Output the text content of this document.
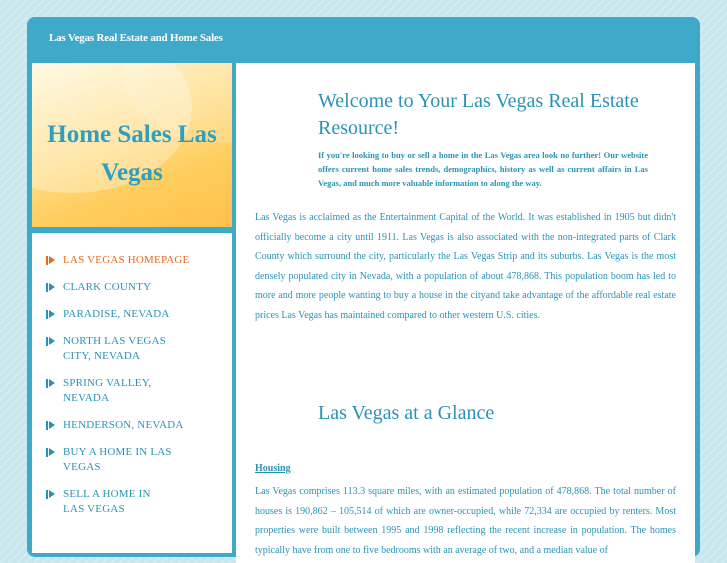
Las Vegas Real Estate and Home Sales
Home Sales Las Vegas
LAS VEGAS HOMEPAGE
CLARK COUNTY
PARADISE, NEVADA
NORTH LAS VEGAS CITY, NEVADA
SPRING VALLEY, NEVADA
HENDERSON, NEVADA
BUY A HOME IN LAS VEGAS
SELL A HOME IN LAS VEGAS
Welcome to Your Las Vegas Real Estate Resource!
If you're looking to buy or sell a home in the Las Vegas area look no further! Our website offers current home sales trends, demographics, history as well as current affairs in Las Vegas, and much more valuable information to along the way.

Las Vegas is acclaimed as the Entertainment Capital of the World. It was established in 1905 but didn't officially become a city until 1911. Las Vegas is also associated with the non-integrated parts of Clark County which surround the city, particularly the Las Vegas Strip and its suburbs. Las Vegas is the most densely populated city in Nevada, with a population of about 478,868. This population boom has led to more and more people wanting to buy a house in the cityand take advantage of the affordable real estate prices Las Vegas has maintained compared to other western U.S. cities.

Las Vegas at a Glance
Housing

Las Vegas comprises 113.3 square miles, with an estimated population of 478,868. The total number of houses is 190,862 – 105,514 of which are owner-occupied, while 72,334 are occupied by renters. Most properties were built between 1995 and 1998 reflecting the recent increase in population. The homes typically have from one to five bedrooms with an average of two, and a median value of
